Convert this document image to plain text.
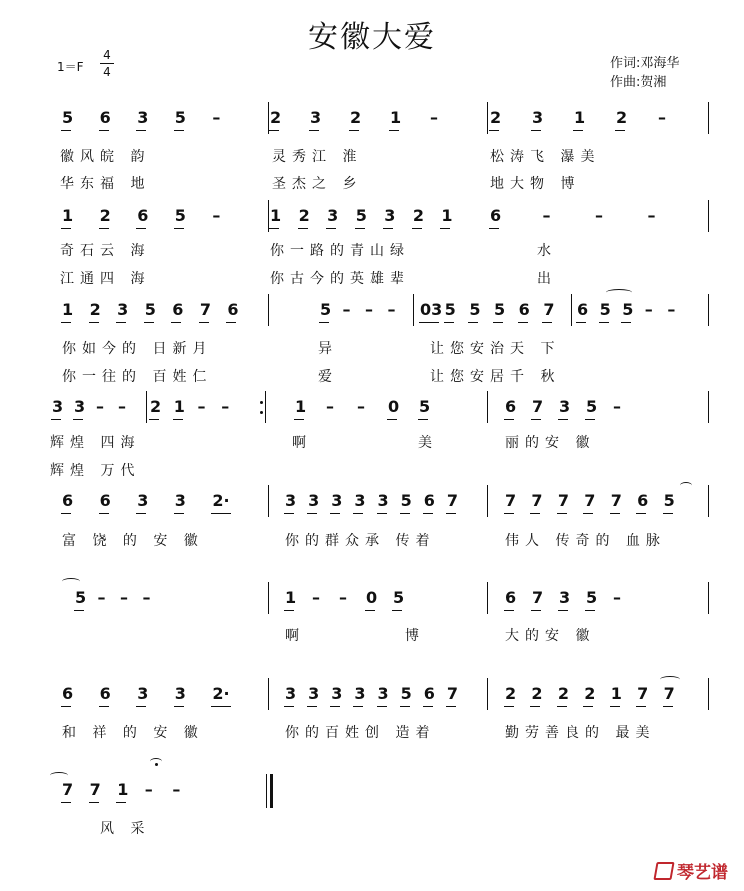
安徽大爱
1＝F
4
4
作词:邓海华
作曲:贺湘
5 6 3 5 –	2 3 2 1 –	2 3 1 2 –
1 2 6 5 –	1 2 3 5 3 2 1 6	–	–	–
1 2 3 5 6 7 6	5 – – – 03 5 5 5 6 7 6 5 5 – –
3 3 – – 2 1 – –	1 – – 0 5	6 7 3 5 –
6 6 3 3 2·	3 3 3 3 3 5 6 7	7 7 7 7 7 6 5
5 – – –	1 – – 0 5	6 7 3 5 –
6 6 3 3 2·	3 3 3 3 3 5 6 7	2 2 2 2 1 7 7
7 7 1 – –
徽风皖 韵	灵秀江 淮	松涛飞 瀑美
华东福 地	圣杰之 乡	地大物 博
奇石云 海	你一路的青山绿	水
江通四 海	你古今的英雄辈	出
你如今的 日新月	异	让您安治天 下
你一往的 百姓仁	爱	让您安居千 秋
辉煌 四海	啊	美	丽的安 徽
辉煌 万代
富 饶 的 安 徽	你的群众承 传着	伟人 传奇的 血脉
啊	博	大的安 徽
和 祥 的 安 徽	你的百姓创 造着	勤劳善良的 最美
风 采
琴艺谱
